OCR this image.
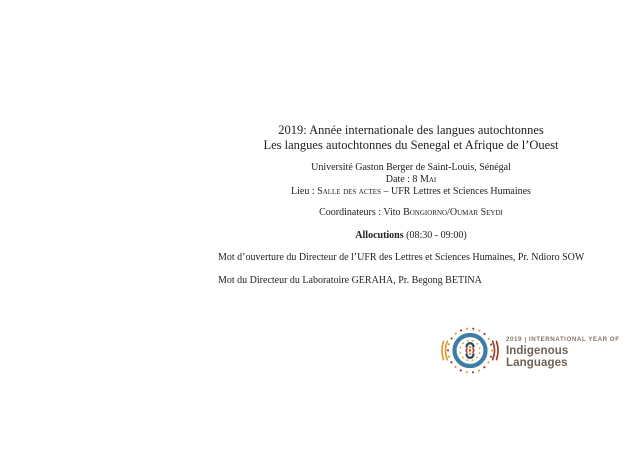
2019: Année internationale des langues autochtonnes
Les langues autochtonnes du Senegal et Afrique de l’Ouest
Université Gaston Berger de Saint-Louis, Sénégal
Date : 8 Mai
Lieu : Salle des actes – UFR Lettres et Sciences Humaines
Coordinateurs : Vito Bongiorno/Oumar Seydi
Allocutions (08:30 - 09:00)
Mot d’ouverture du Directeur de l’UFR des Lettres et Sciences Humaines, Pr. Ndioro SOW
Mot du Directeur du Laboratoire GERAHA, Pr. Begong BETINA
2019 INTERNATIONAL YEAR OF
Indigenous Languages
